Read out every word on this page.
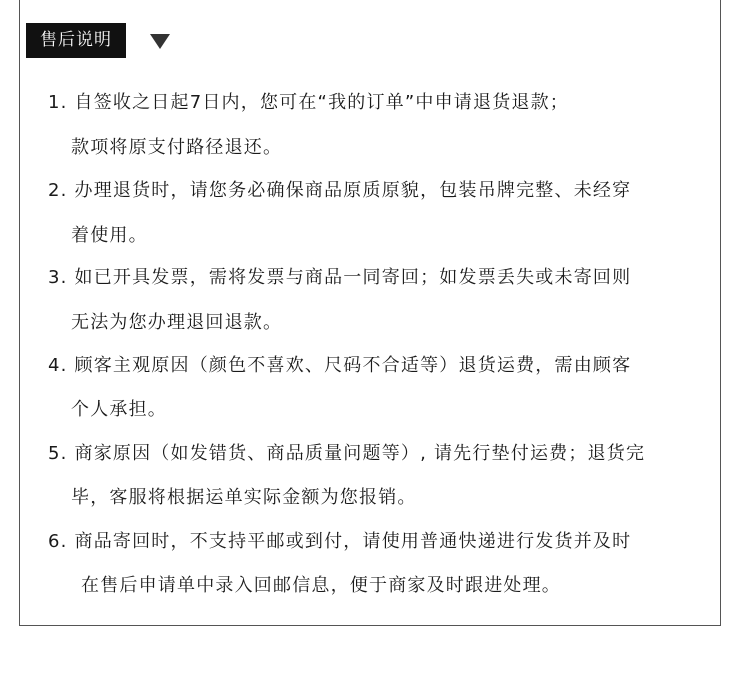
售后说明
1. 自签收之日起7日内，您可在“我的订单”中申请退货退款；
款项将原支付路径退还。
2. 办理退货时，请您务必确保商品原质原貌，包装吊牌完整、未经穿
着使用。
3. 如已开具发票，需将发票与商品一同寄回；如发票丢失或未寄回则
无法为您办理退回退款。
4. 顾客主观原因（颜色不喜欢、尺码不合适等）退货运费，需由顾客
个人承担。
5. 商家原因（如发错货、商品质量问题等）, 请先行垫付运费；退货完
毕，客服将根据运单实际金额为您报销。
6. 商品寄回时，不支持平邮或到付，请使用普通快递进行发货并及时
在售后申请单中录入回邮信息，便于商家及时跟进处理。
